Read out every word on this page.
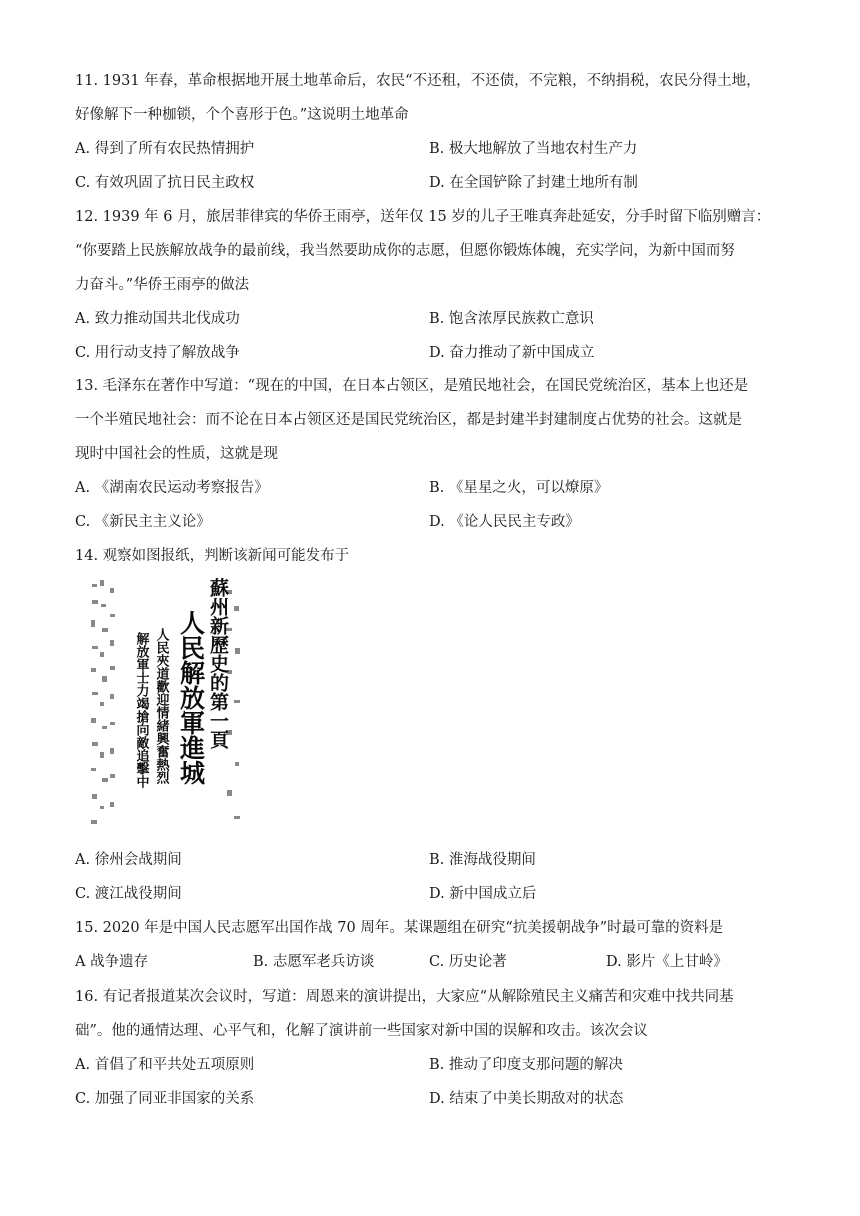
11. 1931 年春，革命根据地开展土地革命后，农民“不还租，不还债，不完粮，不纳捐税，农民分得土地，

好像解下一种枷锁，个个喜形于色。”这说明土地革命

A. 得到了所有农民热情拥护	B. 极大地解放了当地农村生产力
C. 有效巩固了抗日民主政权	D. 在全国铲除了封建土地所有制

12. 1939 年 6 月，旅居菲律宾的华侨王雨亭，送年仅 15 岁的儿子王唯真奔赴延安，分手时留下临别赠言：

“你要踏上民族解放战争的最前线，我当然要助成你的志愿，但愿你锻炼体魄，充实学问，为新中国而努

力奋斗。”华侨王雨亭的做法

A. 致力推动国共北伐成功	B. 饱含浓厚民族救亡意识
C. 用行动支持了解放战争	D. 奋力推动了新中国成立

13. 毛泽东在著作中写道：“现在的中国，在日本占领区，是殖民地社会，在国民党统治区，基本上也还是

一个半殖民地社会：而不论在日本占领区还是国民党统治区，都是封建半封建制度占优势的社会。这就是

现时中国社会的性质，这就是现

A. 《湖南农民运动考察报告》	B. 《星星之火，可以燎原》
C. 《新民主主义论》	D. 《论人民民主专政》

14. 观察如图报纸，判断该新闻可能发布于

蘇州新歷史的第一頁
人民解放軍進城
人民夾道歡迎情緒興奮熱烈
解放軍士力竭搶向敵追擊中
A. 徐州会战期间	B. 淮海战役期间
C. 渡江战役期间	D. 新中国成立后

15. 2020 年是中国人民志愿军出国作战 70 周年。某课题组在研究“抗美援朝战争”时最可靠的资料是

A 战争遗存	B. 志愿军老兵访谈	C. 历史论著	D. 影片《上甘岭》

16. 有记者报道某次会议时，写道：周恩来的演讲提出，大家应“从解除殖民主义痛苦和灾难中找共同基

础”。他的通情达理、心平气和，化解了演讲前一些国家对新中国的误解和攻击。该次会议

A. 首倡了和平共处五项原则	B. 推动了印度支那问题的解决
C. 加强了同亚非国家的关系	D. 结束了中美长期敌对的状态
